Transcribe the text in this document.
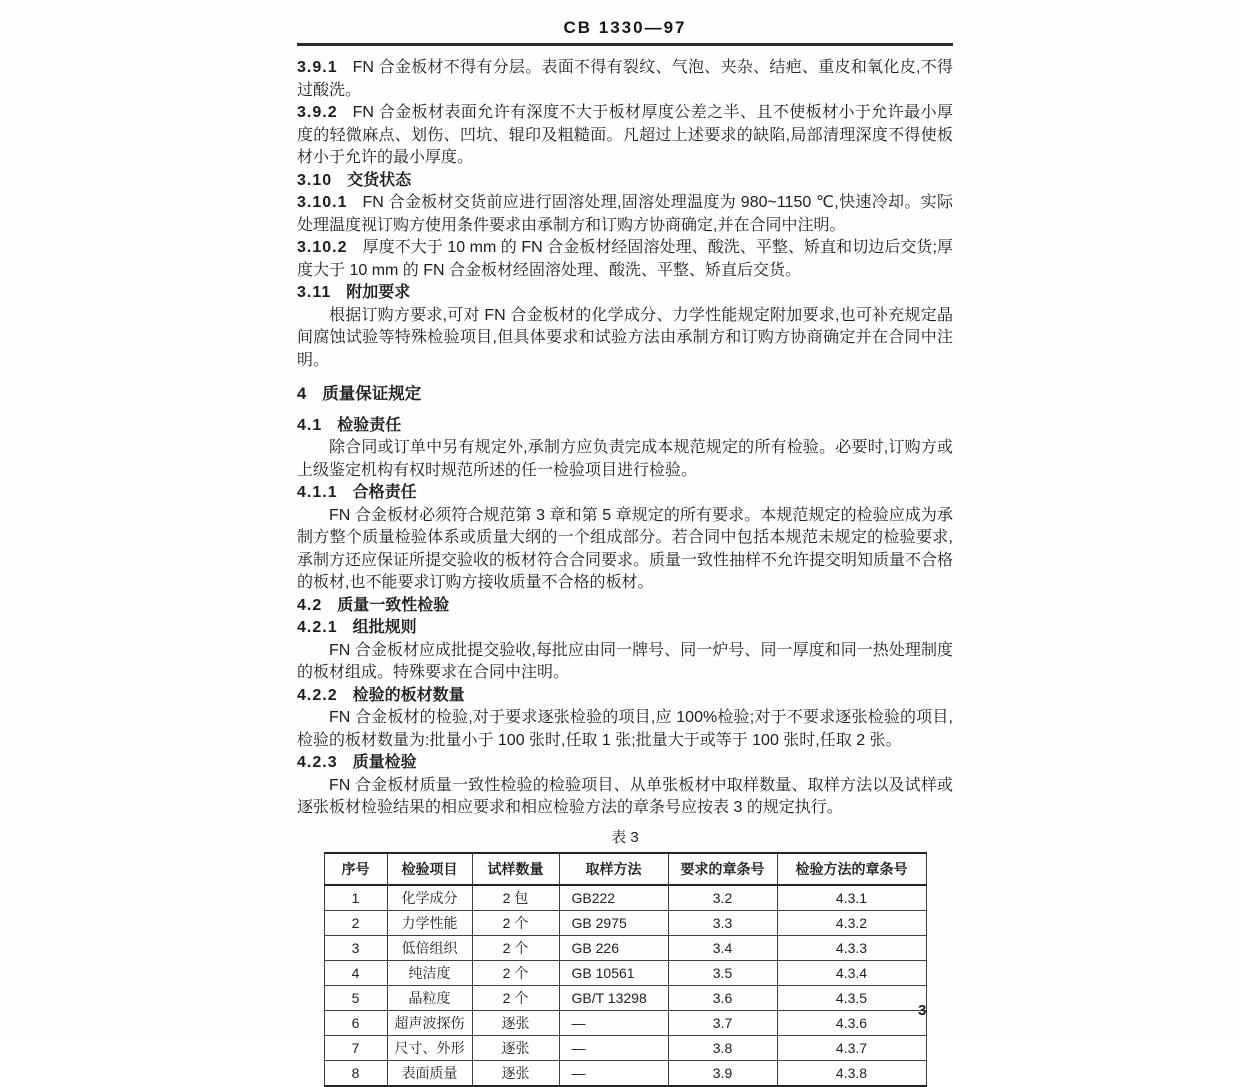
CB 1330—97

3.9.1 FN 合金板材不得有分层。表面不得有裂纹、气泡、夹杂、结疤、重皮和氧化皮,不得过酸洗。

3.9.2 FN 合金板材表面允许有深度不大于板材厚度公差之半、且不使板材小于允许最小厚度的轻微麻点、划伤、凹坑、辊印及粗糙面。凡超过上述要求的缺陷,局部清理深度不得使板材小于允许的最小厚度。

3.10 交货状态

3.10.1 FN 合金板材交货前应进行固溶处理,固溶处理温度为 980~1150 ℃,快速冷却。实际处理温度视订购方使用条件要求由承制方和订购方协商确定,并在合同中注明。

3.10.2 厚度不大于 10 mm 的 FN 合金板材经固溶处理、酸洗、平整、矫直和切边后交货;厚度大于 10 mm 的 FN 合金板材经固溶处理、酸洗、平整、矫直后交货。

3.11 附加要求

根据订购方要求,可对 FN 合金板材的化学成分、力学性能规定附加要求,也可补充规定晶间腐蚀试验等特殊检验项目,但具体要求和试验方法由承制方和订购方协商确定并在合同中注明。

4 质量保证规定

4.1 检验责任

除合同或订单中另有规定外,承制方应负责完成本规范规定的所有检验。必要时,订购方或上级鉴定机构有权时规范所述的任一检验项目进行检验。

4.1.1 合格责任

FN 合金板材必须符合规范第 3 章和第 5 章规定的所有要求。本规范规定的检验应成为承制方整个质量检验体系或质量大纲的一个组成部分。若合同中包括本规范未规定的检验要求,承制方还应保证所提交验收的板材符合合同要求。质量一致性抽样不允许提交明知质量不合格的板材,也不能要求订购方接收质量不合格的板材。

4.2 质量一致性检验

4.2.1 组批规则

FN 合金板材应成批提交验收,每批应由同一牌号、同一炉号、同一厚度和同一热处理制度的板材组成。特殊要求在合同中注明。

4.2.2 检验的板材数量

FN 合金板材的检验,对于要求逐张检验的项目,应 100%检验;对于不要求逐张检验的项目,检验的板材数量为:批量小于 100 张时,任取 1 张;批量大于或等于 100 张时,任取 2 张。

4.2.3 质量检验

FN 合金板材质量一致性检验的检验项目、从单张板材中取样数量、取样方法以及试样或逐张板材检验结果的相应要求和相应检验方法的章条号应按表 3 的规定执行。

表 3

序号	检验项目	试样数量	取样方法	要求的章条号	检验方法的章条号
1	化学成分	2 包	GB222	3.2	4.3.1
2	力学性能	2 个	GB 2975	3.3	4.3.2
3	低倍组织	2 个	GB 226	3.4	4.3.3
4	纯洁度	2 个	GB 10561	3.5	4.3.4
5	晶粒度	2 个	GB/T 13298	3.6	4.3.5
6	超声波探伤	逐张	—	3.7	4.3.6
7	尺寸、外形	逐张	—	3.8	4.3.7
8	表面质量	逐张	—	3.9	4.3.8
3
